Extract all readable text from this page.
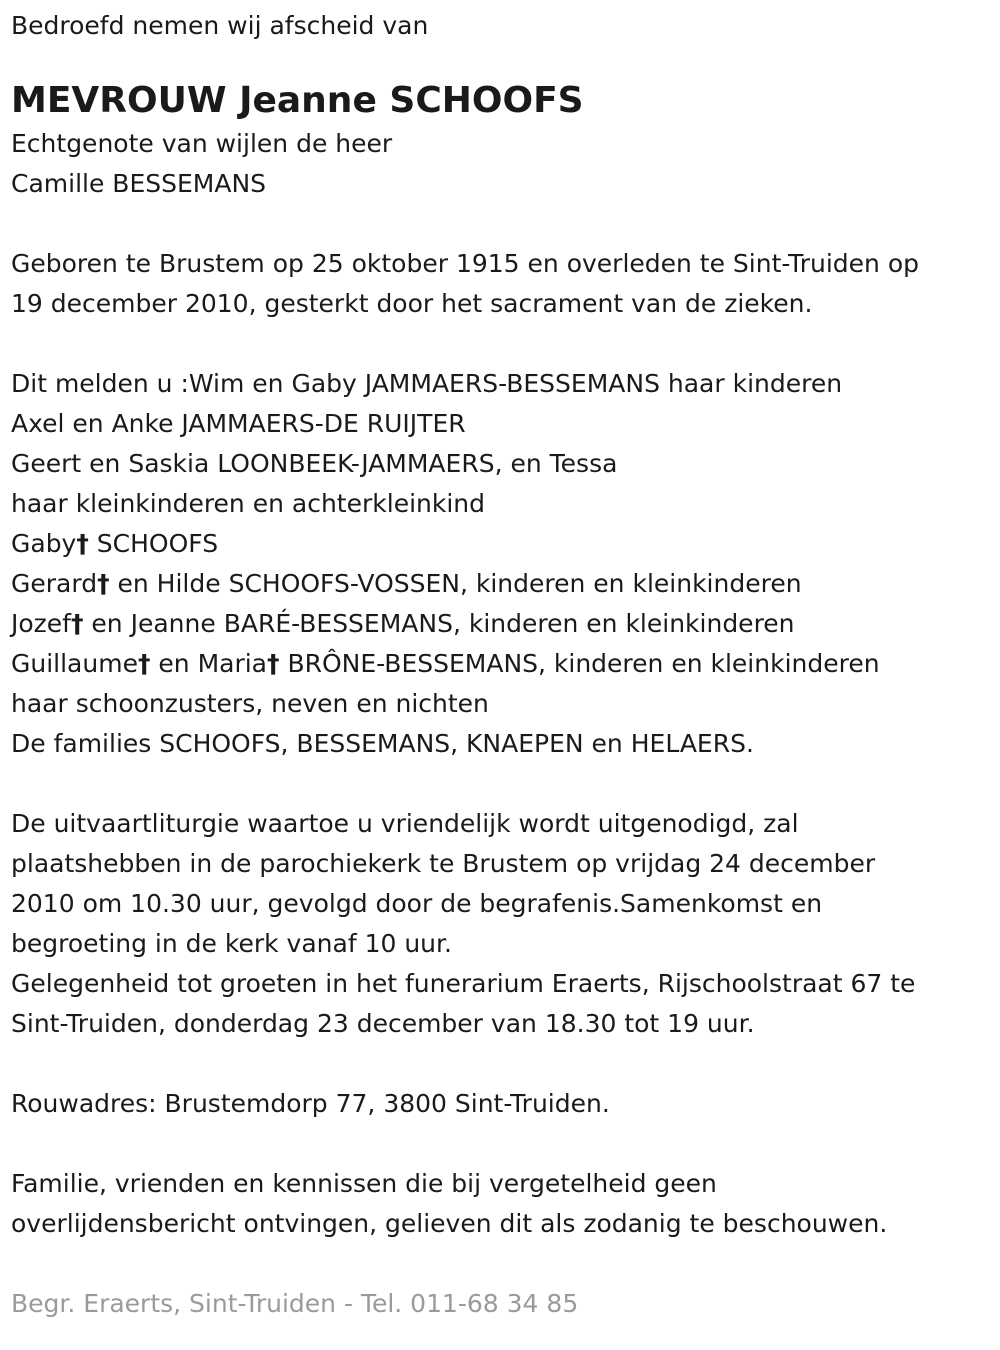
Bedroefd nemen wij afscheid van
MEVROUW Jeanne SCHOOFS
Echtgenote van wijlen de heer
Camille BESSEMANS
Geboren te Brustem op 25 oktober 1915 en overleden te Sint-Truiden op
19 december 2010, gesterkt door het sacrament van de zieken.
Dit melden u :Wim en Gaby JAMMAERS-BESSEMANS haar kinderen
Axel en Anke JAMMAERS-DE RUIJTER
Geert en Saskia LOONBEEK-JAMMAERS, en Tessa
haar kleinkinderen en achterkleinkind
Gaby† SCHOOFS
Gerard† en Hilde SCHOOFS-VOSSEN, kinderen en kleinkinderen
Jozef† en Jeanne BARÉ-BESSEMANS, kinderen en kleinkinderen
Guillaume† en Maria† BRÔNE-BESSEMANS, kinderen en kleinkinderen
haar schoonzusters, neven en nichten
De families SCHOOFS, BESSEMANS, KNAEPEN en HELAERS.
De uitvaartliturgie waartoe u vriendelijk wordt uitgenodigd, zal
plaatshebben in de parochiekerk te Brustem op vrijdag 24 december
2010 om 10.30 uur, gevolgd door de begrafenis.Samenkomst en
begroeting in de kerk vanaf 10 uur.
Gelegenheid tot groeten in het funerarium Eraerts, Rijschoolstraat 67 te
Sint-Truiden, donderdag 23 december van 18.30 tot 19 uur.
Rouwadres: Brustemdorp 77, 3800 Sint-Truiden.
Familie, vrienden en kennissen die bij vergetelheid geen
overlijdensbericht ontvingen, gelieven dit als zodanig te beschouwen.
Begr. Eraerts, Sint-Truiden - Tel. 011-68 34 85
